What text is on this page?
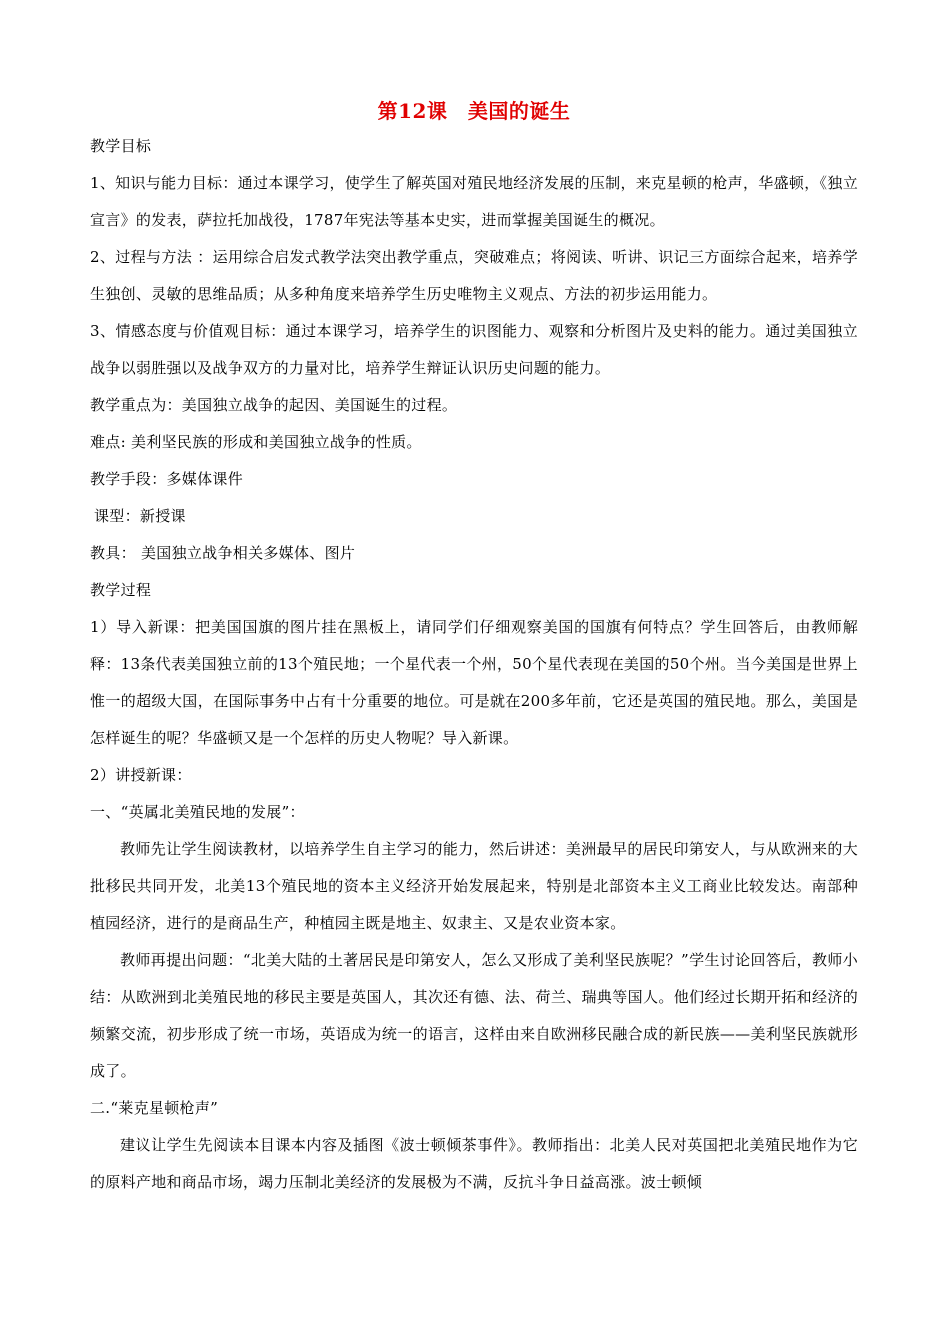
第12课　美国的诞生

教学目标

1、知识与能力目标：通过本课学习，使学生了解英国对殖民地经济发展的压制，来克星顿的枪声，华盛顿，《独立宣言》的发表，萨拉托加战役，1787年宪法等基本史实，进而掌握美国诞生的概况。

2、过程与方法 ：运用综合启发式教学法突出教学重点，突破难点；将阅读、听讲、识记三方面综合起来，培养学生独创、灵敏的思维品质；从多种角度来培养学生历史唯物主义观点、方法的初步运用能力。

3、情感态度与价值观目标：通过本课学习，培养学生的识图能力、观察和分析图片及史料的能力。通过美国独立战争以弱胜强以及战争双方的力量对比，培养学生辩证认识历史问题的能力。

教学重点为：美国独立战争的起因、美国诞生的过程。

难点: 美利坚民族的形成和美国独立战争的性质。

教学手段：多媒体课件

课型：新授课

教具： 美国独立战争相关多媒体、图片

教学过程

1）导入新课：把美国国旗的图片挂在黑板上，请同学们仔细观察美国的国旗有何特点？学生回答后，由教师解释：13条代表美国独立前的13个殖民地；一个星代表一个州，50个星代表现在美国的50个州。当今美国是世界上惟一的超级大国，在国际事务中占有十分重要的地位。可是就在200多年前，它还是英国的殖民地。那么，美国是怎样诞生的呢？华盛顿又是一个怎样的历史人物呢？导入新课。

2）讲授新课：

一、“英属北美殖民地的发展”：

教师先让学生阅读教材，以培养学生自主学习的能力，然后讲述：美洲最早的居民印第安人，与从欧洲来的大批移民共同开发，北美13个殖民地的资本主义经济开始发展起来，特别是北部资本主义工商业比较发达。南部种植园经济，进行的是商品生产，种植园主既是地主、奴隶主、又是农业资本家。

教师再提出问题：“北美大陆的土著居民是印第安人，怎么又形成了美利坚民族呢？”学生讨论回答后，教师小结：从欧洲到北美殖民地的移民主要是英国人，其次还有德、法、荷兰、瑞典等国人。他们经过长期开拓和经济的频繁交流，初步形成了统一市场，英语成为统一的语言，这样由来自欧洲移民融合成的新民族——美利坚民族就形成了。

二.“莱克星顿枪声”

建议让学生先阅读本目课本内容及插图《波士顿倾茶事件》。教师指出：北美人民对英国把北美殖民地作为它的原料产地和商品市场，竭力压制北美经济的发展极为不满，反抗斗争日益高涨。波士顿倾
